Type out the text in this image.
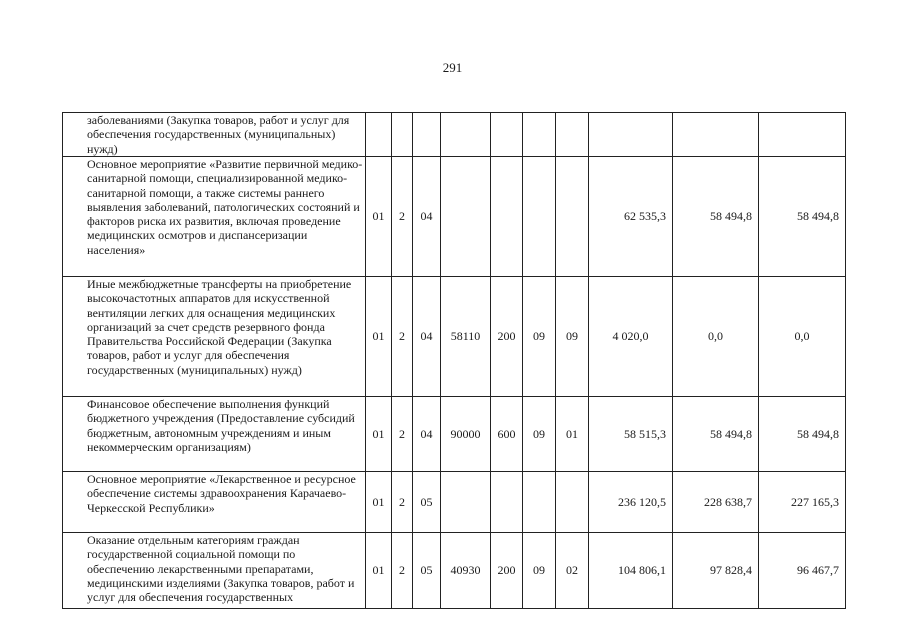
291
заболеваниями (Закупка товаров, работ и услуг для обеспечения государственных (муниципальных) нужд)										
Основное мероприятие «Развитие первичной медико-санитарной помощи, специализированной медико-санитарной помощи, а также системы раннего выявления заболеваний, патологических состояний и факторов риска их развития, включая проведение медицинских осмотров и диспансеризации населения»	01	2	04					62 535,3	58 494,8	58 494,8
Иные межбюджетные трансферты на приобретение высокочастотных аппаратов для искусственной вентиляции легких для оснащения медицинских организаций за счет средств резервного фонда Правительства Российской Федерации (Закупка товаров, работ и услуг для обеспечения государственных (муниципальных) нужд)	01	2	04	58110	200	09	09	4 020,0	0,0	0,0
Финансовое обеспечение выполнения функций бюджетного учреждения (Предоставление субсидий бюджетным, автономным учреждениям и иным некоммерческим организациям)	01	2	04	90000	600	09	01	58 515,3	58 494,8	58 494,8
Основное мероприятие «Лекарственное и ресурсное обеспечение системы здравоохранения Карачаево-Черкесской Республики»	01	2	05					236 120,5	228 638,7	227 165,3
Оказание отдельным категориям граждан государственной социальной помощи по обеспечению лекарственными препаратами, медицинскими изделиями (Закупка товаров, работ и услуг для обеспечения государственных	01	2	05	40930	200	09	02	104 806,1	97 828,4	96 467,7
